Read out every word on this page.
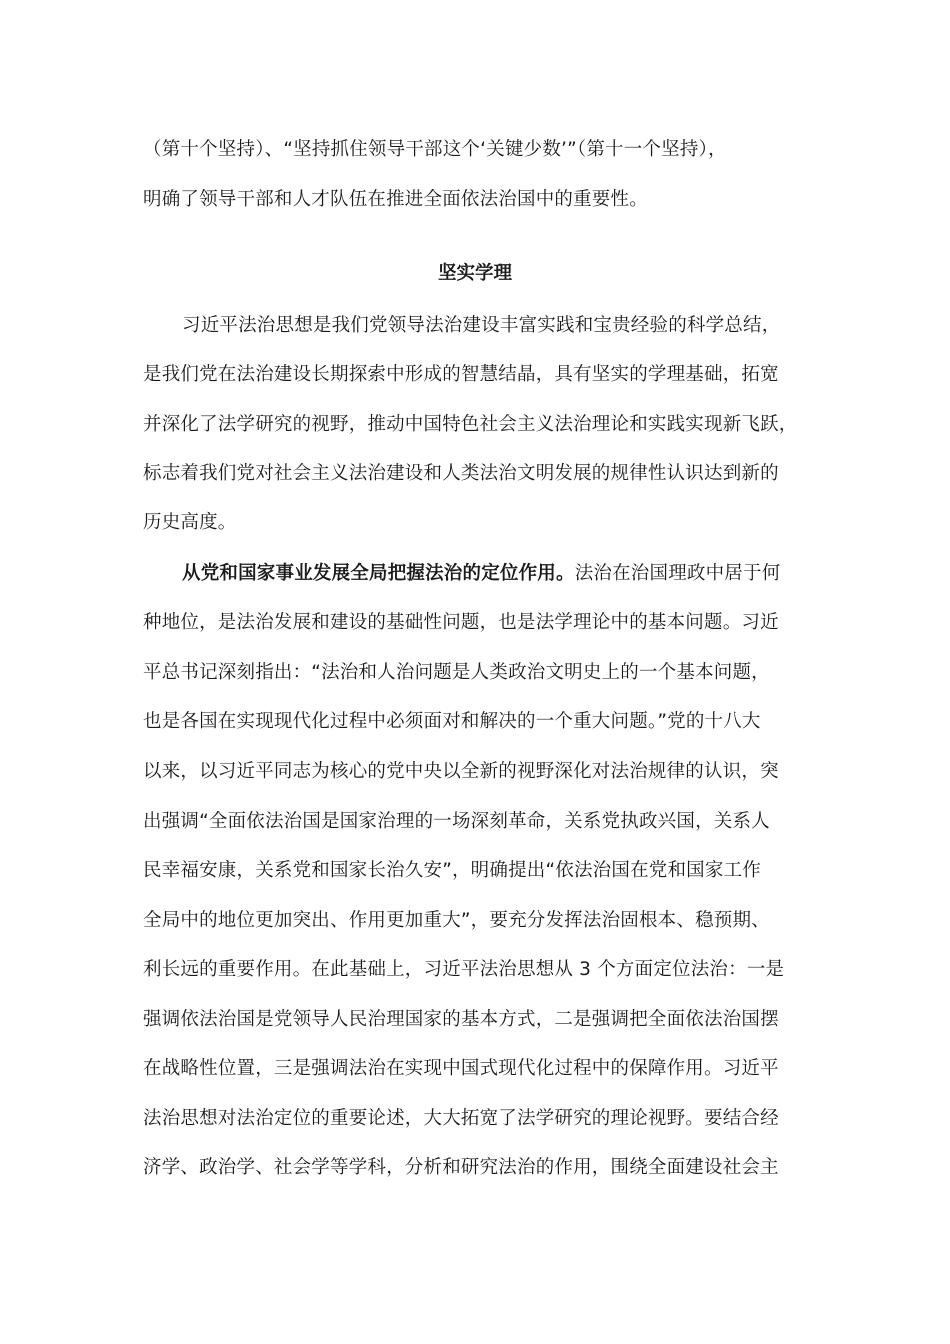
（第十个坚持）、“坚持抓住领导干部这个‘关键少数’”（第十一个坚持），
明确了领导干部和人才队伍在推进全面依法治国中的重要性。
坚实学理
习近平法治思想是我们党领导法治建设丰富实践和宝贵经验的科学总结，
是我们党在法治建设长期探索中形成的智慧结晶，具有坚实的学理基础，拓宽
并深化了法学研究的视野，推动中国特色社会主义法治理论和实践实现新飞跃，
标志着我们党对社会主义法治建设和人类法治文明发展的规律性认识达到新的
历史高度。
从党和国家事业发展全局把握法治的定位作用。法治在治国理政中居于何
种地位，是法治发展和建设的基础性问题，也是法学理论中的基本问题。习近
平总书记深刻指出：“法治和人治问题是人类政治文明史上的一个基本问题，
也是各国在实现现代化过程中必须面对和解决的一个重大问题。”党的十八大
以来，以习近平同志为核心的党中央以全新的视野深化对法治规律的认识，突
出强调“全面依法治国是国家治理的一场深刻革命，关系党执政兴国，关系人
民幸福安康，关系党和国家长治久安”，明确提出“依法治国在党和国家工作
全局中的地位更加突出、作用更加重大”，要充分发挥法治固根本、稳预期、
利长远的重要作用。在此基础上，习近平法治思想从 3 个方面定位法治：一是
强调依法治国是党领导人民治理国家的基本方式，二是强调把全面依法治国摆
在战略性位置，三是强调法治在实现中国式现代化过程中的保障作用。习近平
法治思想对法治定位的重要论述，大大拓宽了法学研究的理论视野。要结合经
济学、政治学、社会学等学科，分析和研究法治的作用，围绕全面建设社会主
